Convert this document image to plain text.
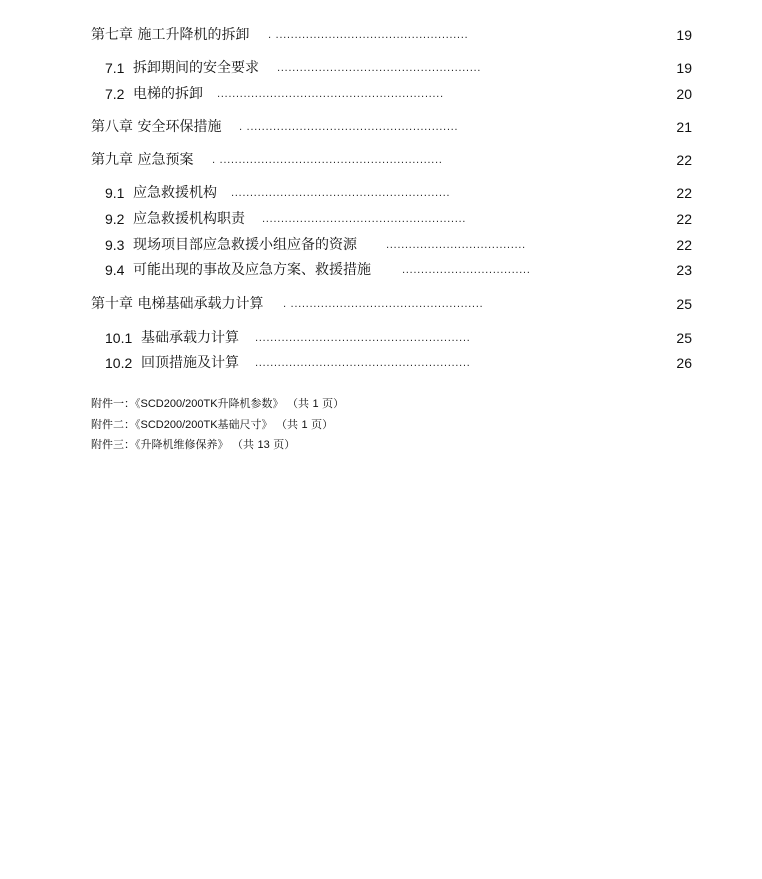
第七章 施工升降机的拆卸 . ...................................................	19
7.1 拆卸期间的安全要求 ......................................................	19
7.2 电梯的拆卸 ............................................................	20
第八章 安全环保措施 . ........................................................	21
第九章 应急预案 . ...........................................................	22
9.1 应急救援机构 ..........................................................	22
9.2 应急救援机构职责 ......................................................	22
9.3 现场项目部应急救援小组应备的资源	.....................................	22
9.4 可能出现的事故及应急方案、救援措施	..................................	23
第十章 电梯基础承载力计算 . ...................................................	25
10.1 基础承载力计算 .........................................................	25
10.2 回顶措施及计算 .........................................................	26
附件一：《SCD200/200TK升降机参数》 （共 1 页）
附件二：《SCD200/200TK基础尺寸》 （共 1 页）
附件三：《升降机维修保养》 （共 13 页）
